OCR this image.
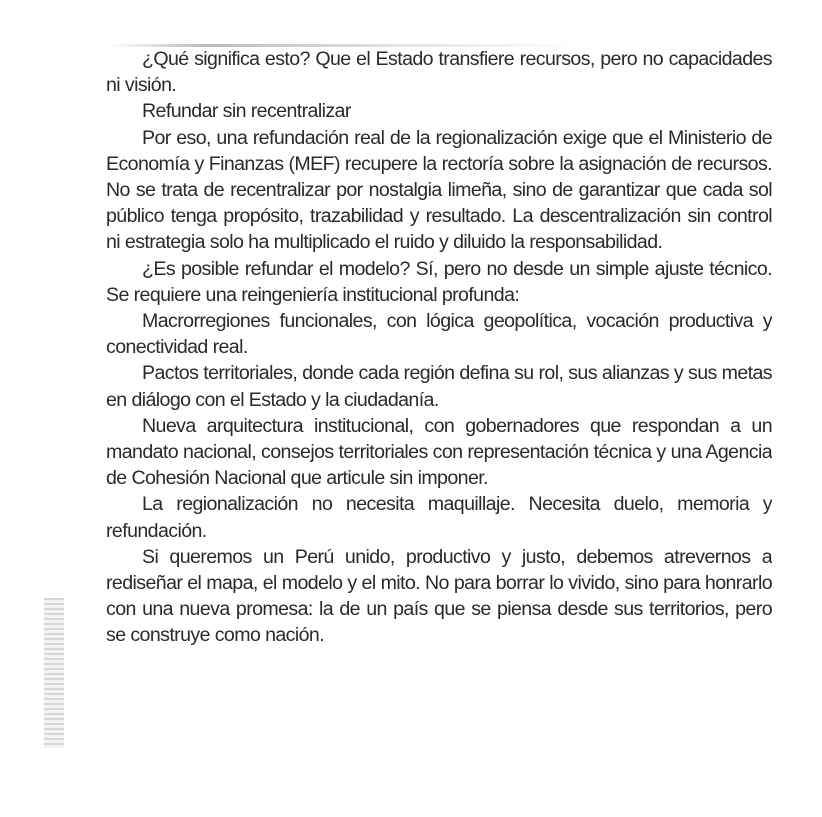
¿Qué significa esto? Que el Estado transfiere recursos, pero no capacidades ni visión.

Refundar sin recentralizar

Por eso, una refundación real de la regionalización exige que el Ministerio de Economía y Finanzas (MEF) recupere la rectoría sobre la asignación de recursos. No se trata de recentralizar por nostalgia limeña, sino de garantizar que cada sol público tenga propósito, trazabilidad y resultado. La descentralización sin control ni estrategia solo ha multiplicado el ruido y diluido la responsabilidad.

¿Es posible refundar el modelo? Sí, pero no desde un simple ajuste técnico. Se requiere una reingeniería institucional profunda:

Macrorregiones funcionales, con lógica geopolítica, vocación productiva y conectividad real.

Pactos territoriales, donde cada región defina su rol, sus alianzas y sus metas en diálogo con el Estado y la ciudadanía.

Nueva arquitectura institucional, con gobernadores que respondan a un mandato nacional, consejos territoriales con representación técnica y una Agencia de Cohesión Nacional que articule sin imponer.

La regionalización no necesita maquillaje. Necesita duelo, memoria y refundación.

Si queremos un Perú unido, productivo y justo, debemos atrevernos a rediseñar el mapa, el modelo y el mito. No para borrar lo vivido, sino para honrarlo con una nueva promesa: la de un país que se piensa desde sus territorios, pero se construye como nación.
